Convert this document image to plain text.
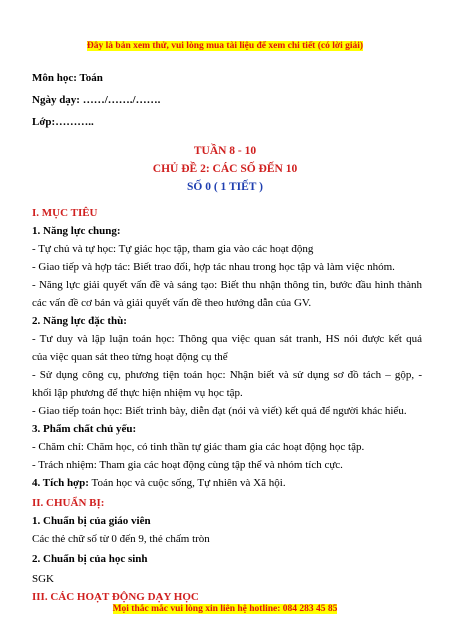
Đây là bản xem thử, vui lòng mua tài liệu để xem chi tiết (có lời giải)
Môn học: Toán
Ngày dạy: ……/……./…….
Lớp:………..
TUẦN 8 - 10
CHỦ ĐỀ 2: CÁC SỐ ĐẾN 10
SỐ 0 ( 1 TIẾT )
I. MỤC TIÊU
1. Năng lực chung:
- Tự chủ và tự học: Tự giác học tập, tham gia vào các hoạt động
- Giao tiếp và hợp tác: Biết trao đổi, hợp tác nhau trong học tập và làm việc nhóm.
- Năng lực giải quyết vấn đề và sáng tạo: Biết thu nhận thông tin, bước đầu hình thành
các vấn đề cơ bản và giải quyết vấn đề theo hướng dẫn của GV.
2. Năng lực đặc thù:
- Tư duy và lập luận toán học: Thông qua việc quan sát tranh, HS nói được kết quả
của việc quan sát theo từng hoạt động cụ thể
- Sử dụng công cụ, phương tiện toán học: Nhận biết và sử dụng sơ đồ tách – gộp, -
khối lập phương để thực hiện nhiệm vụ học tập.
- Giao tiếp toán học: Biết trình bày, diễn đạt (nói và viết) kết quả để người khác hiểu.
3. Phẩm chất chủ yếu:
- Chăm chỉ: Chăm học, có tinh thần tự giác tham gia các hoạt động học tập.
- Trách nhiệm: Tham gia các hoạt động cùng tập thể và nhóm tích cực.
4. Tích hợp: Toán học và cuộc sống, Tự nhiên và Xã hội.
II. CHUẨN BỊ:
1. Chuẩn bị của giáo viên
Các thẻ chữ số từ 0 đến 9, thẻ chấm tròn
2. Chuẩn bị của học sinh
SGK
III. CÁC HOẠT ĐỘNG DẠY HỌC
Mọi thắc mắc vui lòng xin liên hệ hotline: 084 283 45 85
